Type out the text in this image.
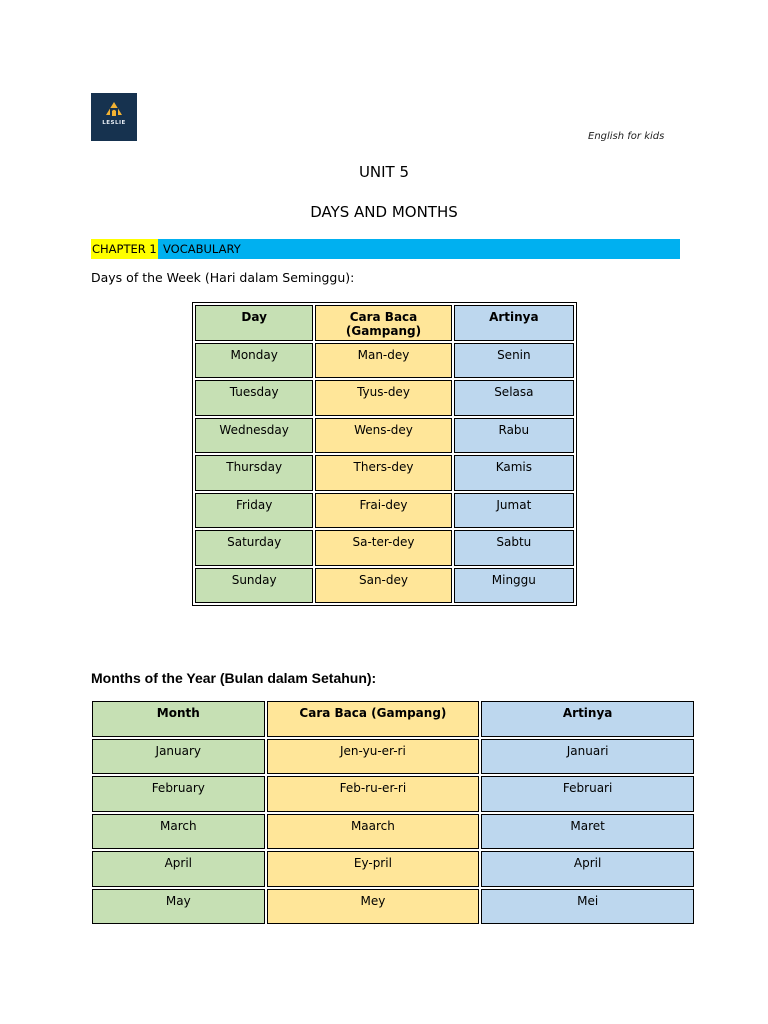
LESLIE
English for kids
UNIT 5
DAYS AND MONTHS
CHAPTER 1 VOCABULARY
Days of the Week (Hari dalam Seminggu):
Day	Cara Baca (Gampang)	Artinya
Monday	Man-dey	Senin
Tuesday	Tyus-dey	Selasa
Wednesday	Wens-dey	Rabu
Thursday	Thers-dey	Kamis
Friday	Frai-dey	Jumat
Saturday	Sa-ter-dey	Sabtu
Sunday	San-dey	Minggu
Months of the Year (Bulan dalam Setahun):
Month	Cara Baca (Gampang)	Artinya
January	Jen-yu-er-ri	Januari
February	Feb-ru-er-ri	Februari
March	Maarch	Maret
April	Ey-pril	April
May	Mey	Mei
